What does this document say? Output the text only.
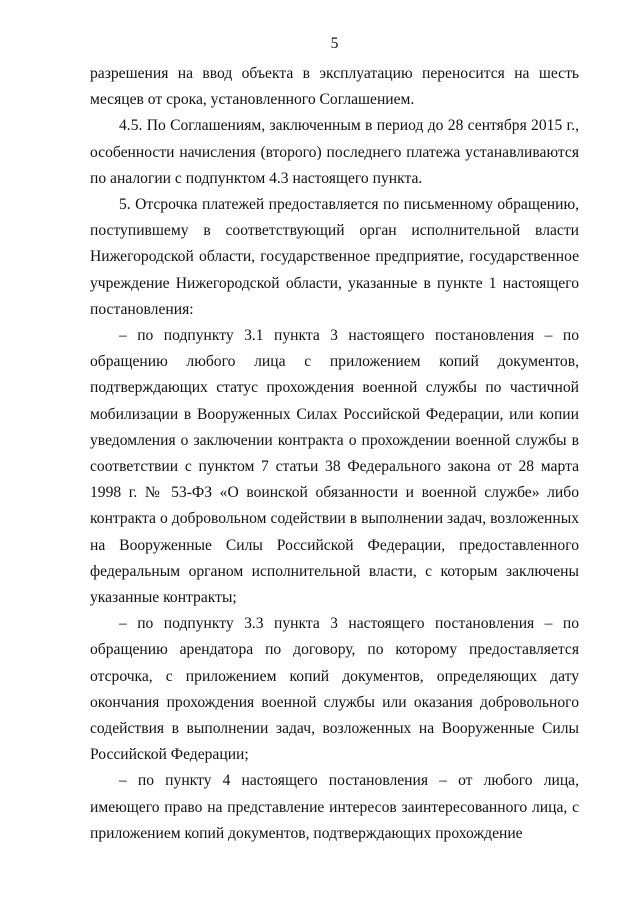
5

разрешения на ввод объекта в эксплуатацию переносится на шесть месяцев от срока, установленного Соглашением.

4.5. По Соглашениям, заключенным в период до 28 сентября 2015 г., особенности начисления (второго) последнего платежа устанавливаются по аналогии с подпунктом 4.3 настоящего пункта.

5. Отсрочка платежей предоставляется по письменному обращению, поступившему в соответствующий орган исполнительной власти Нижегородской области, государственное предприятие, государственное учреждение Нижегородской области, указанные в пункте 1 настоящего постановления:

– по подпункту 3.1 пункта 3 настоящего постановления – по обращению любого лица с приложением копий документов, подтверждающих статус прохождения военной службы по частичной мобилизации в Вооруженных Силах Российской Федерации, или копии уведомления о заключении контракта о прохождении военной службы в соответствии с пунктом 7 статьи 38 Федерального закона от 28 марта 1998 г. № 53-ФЗ «О воинской обязанности и военной службе» либо контракта о добровольном содействии в выполнении задач, возложенных на Вооруженные Силы Российской Федерации, предоставленного федеральным органом исполнительной власти, с которым заключены указанные контракты;

– по подпункту 3.3 пункта 3 настоящего постановления – по обращению арендатора по договору, по которому предоставляется отсрочка, с приложением копий документов, определяющих дату окончания прохождения военной службы или оказания добровольного содействия в выполнении задач, возложенных на Вооруженные Силы Российской Федерации;

– по пункту 4 настоящего постановления – от любого лица, имеющего право на представление интересов заинтересованного лица, с приложением копий документов, подтверждающих прохождение
